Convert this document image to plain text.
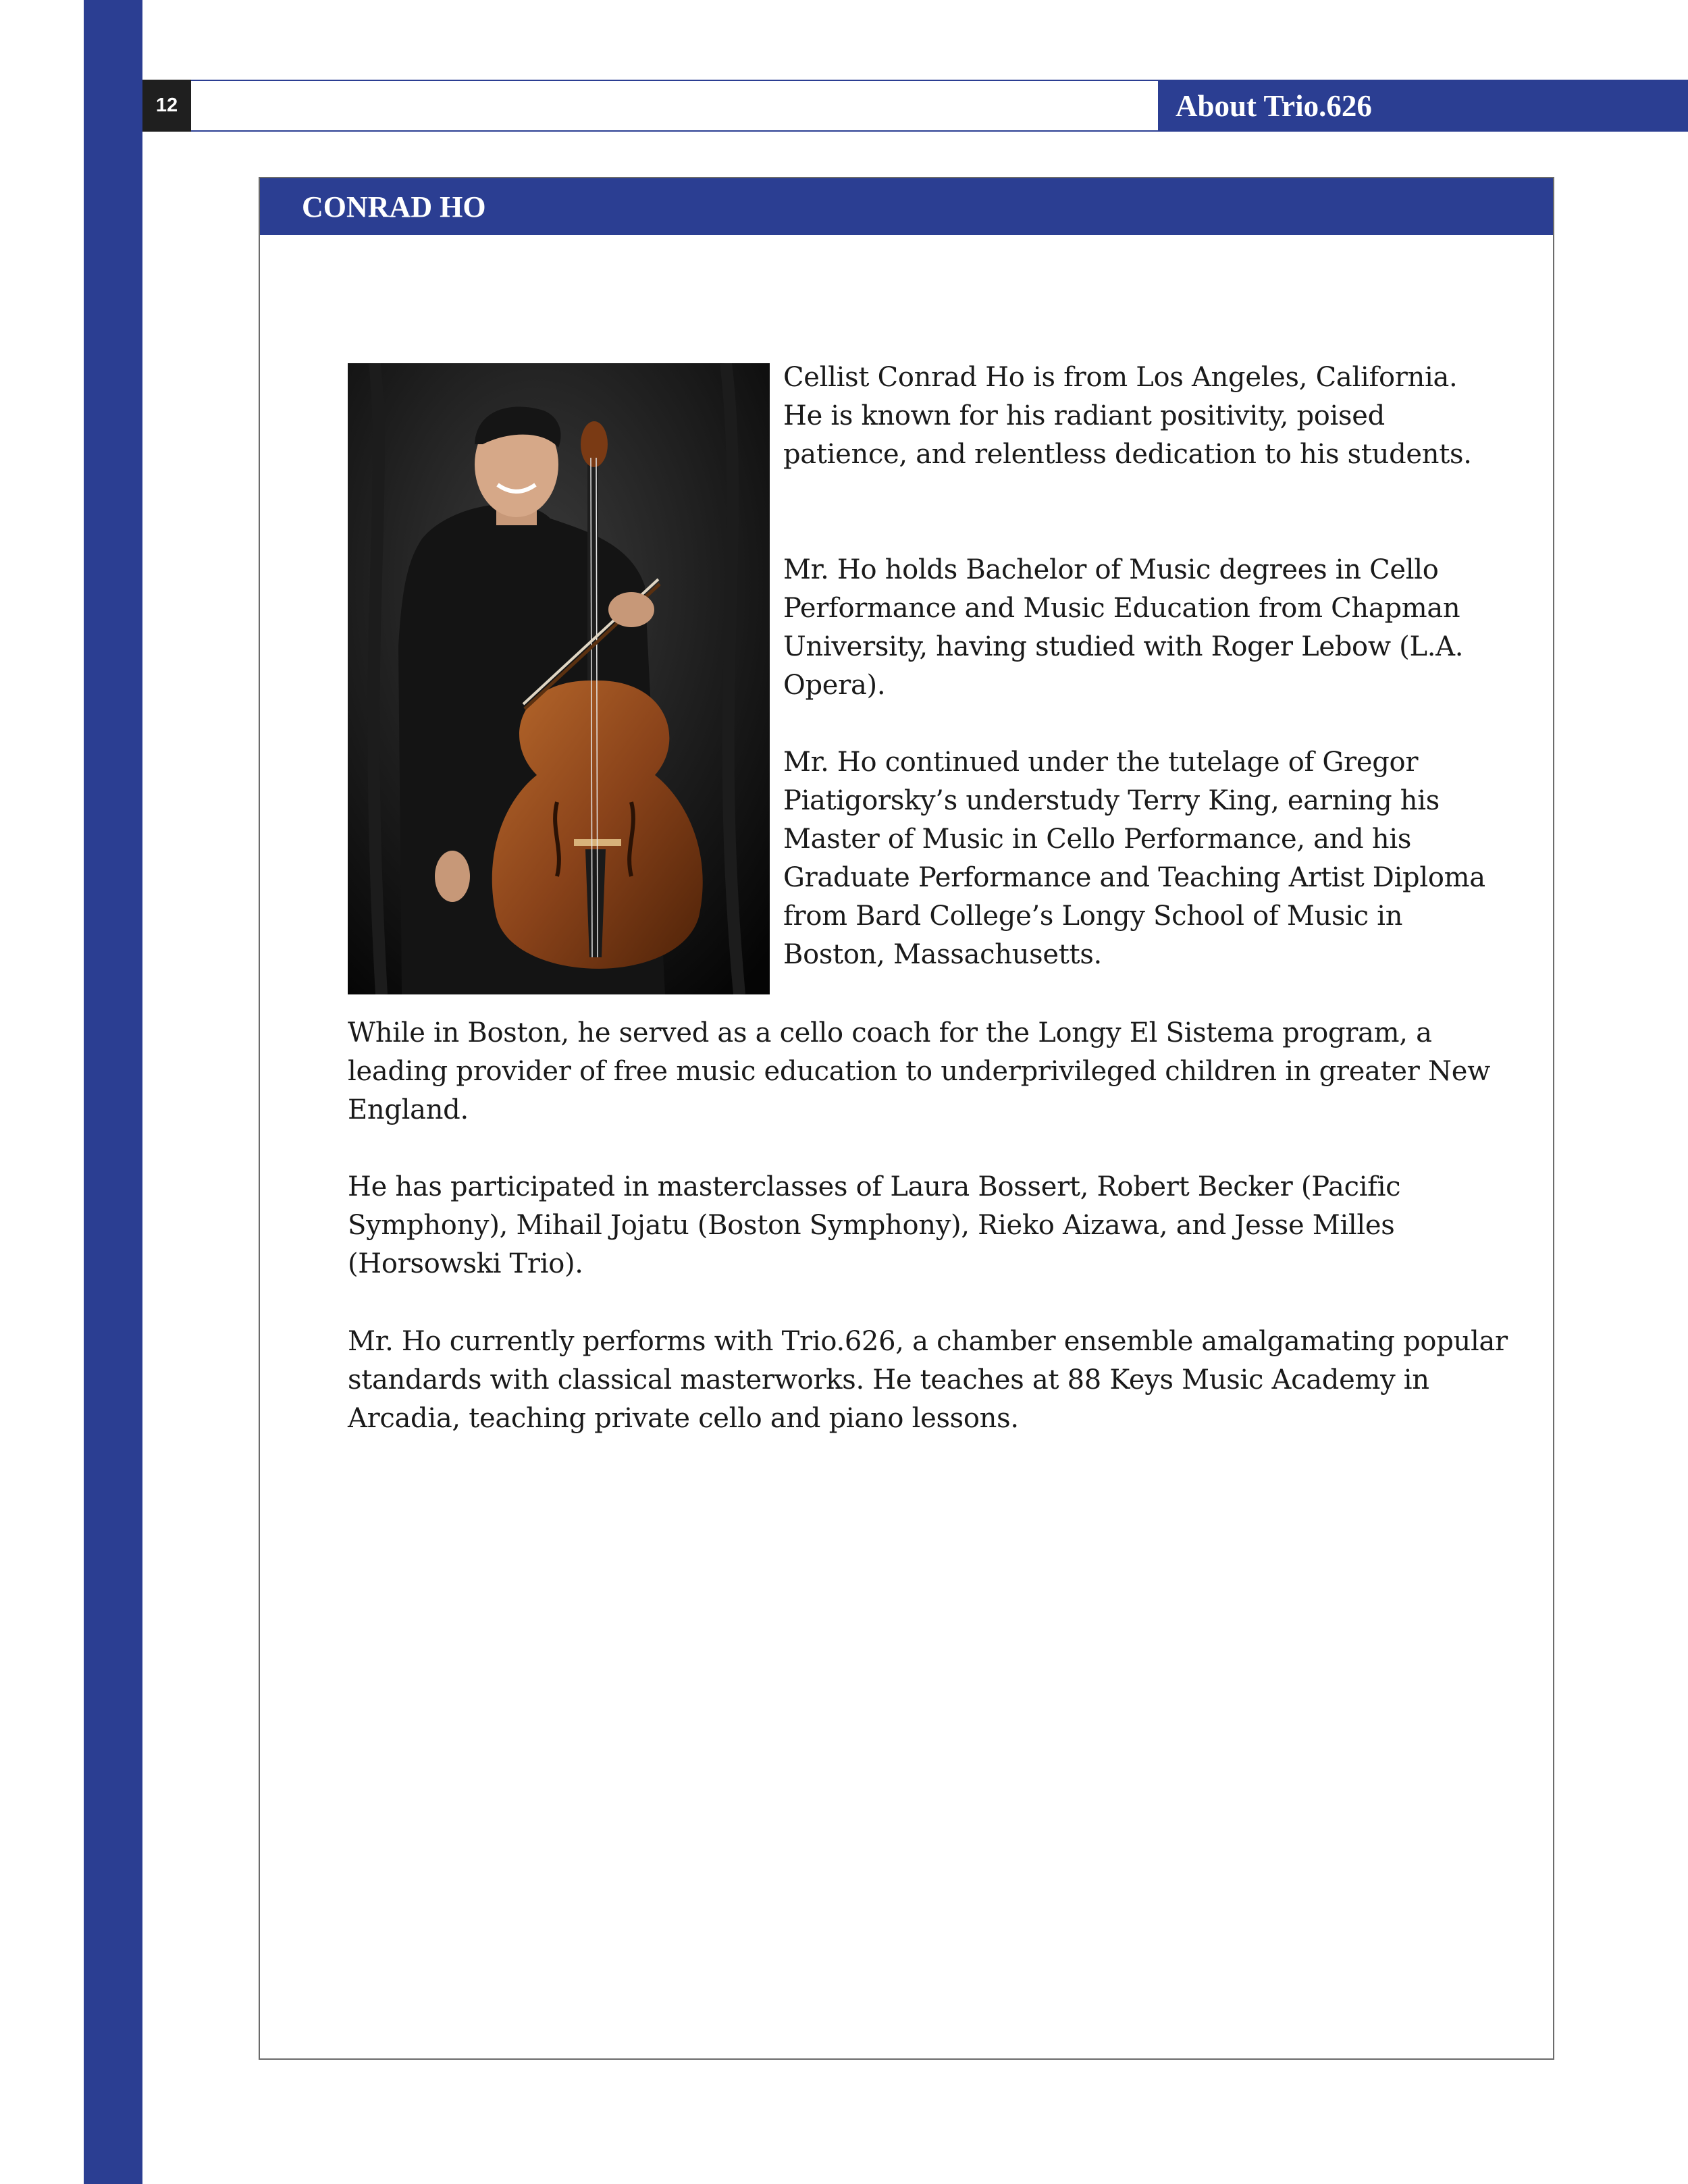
12	About Trio.626
CONRAD HO

Cellist Conrad Ho is from Los Angeles, California. He is known for his radiant positivity, poised patience, and relentless dedication to his students.

Mr. Ho holds Bachelor of Music degrees in Cello Performance and Music Education from Chapman University, having studied with Roger Lebow (L.A. Opera).

Mr. Ho continued under the tutelage of Gregor Piatigorsky’s understudy Terry King, earning his Master of Music in Cello Performance, and his Graduate Performance and Teaching Artist Diploma from Bard College’s Longy School of Music in Boston, Massachusetts.

While in Boston, he served as a cello coach for the Longy El Sistema program, a leading provider of free music education to underprivileged children in greater New England.

He has participated in masterclasses of Laura Bossert, Robert Becker (Pacific Symphony), Mihail Jojatu (Boston Symphony), Rieko Aizawa, and Jesse Milles (Horsowski Trio).

Mr. Ho currently performs with Trio.626, a chamber ensemble amalgamating popular standards with classical masterworks. He teaches at 88 Keys Music Academy in Arcadia, teaching private cello and piano lessons.
